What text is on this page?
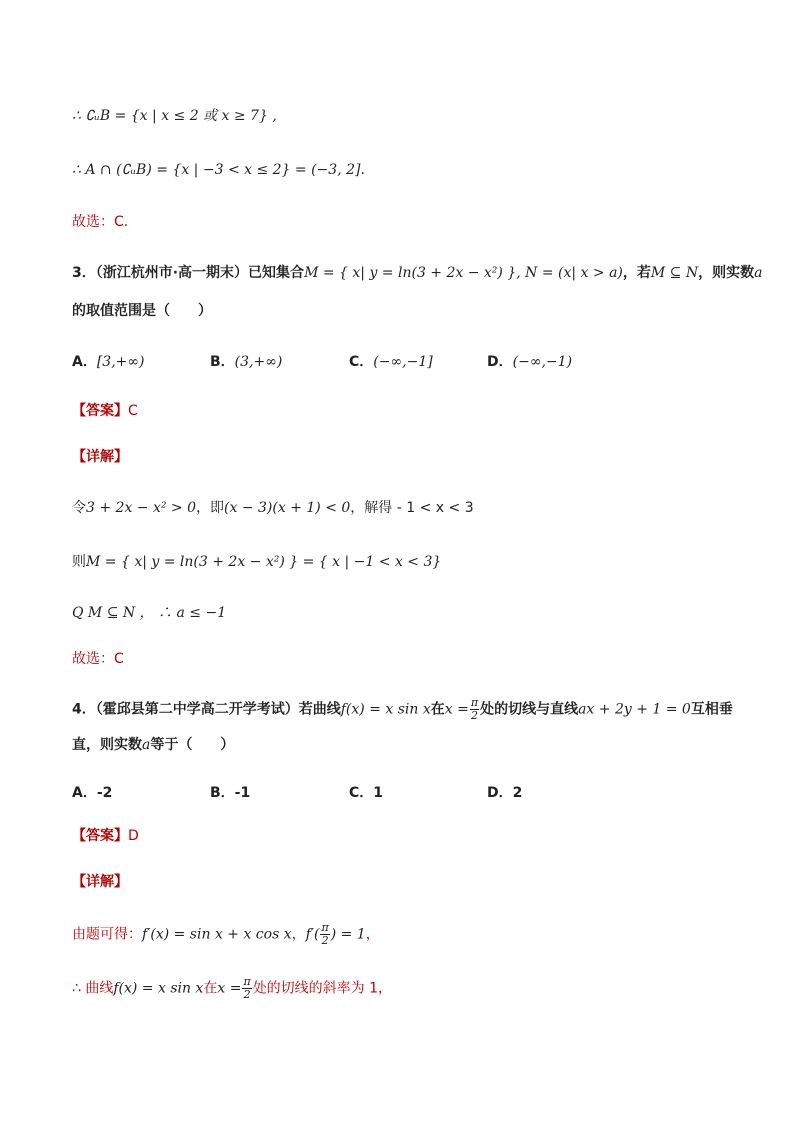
∴ ∁ᵤB = {x | x ≤ 2 或 x ≥ 7} ,
∴ A ∩ (∁ᵤB) = {x | −3 < x ≤ 2} = (−3, 2].
故选：C.
3．（浙江杭州市·高一期末）已知集合M = { x| y = ln(3 + 2x − x²) }, N = (x| x > a)，若M ⊆ N，则实数a
的取值范围是（　　）
A．[3,+∞)	B．(3,+∞)	C．(−∞,−1]	D．(−∞,−1)
【答案】C
【详解】
令3 + 2x − x² > 0，即(x − 3)(x + 1) < 0，解得 - 1 < x < 3
则M = { x| y = ln(3 + 2x − x²) } = { x | −1 < x < 3}
Q M ⊆ N ， ∴ a ≤ −1
故选：C
4．（霍邱县第二中学高二开学考试）若曲线f(x) = x sin x在$x = \frac{\pi}{2}$ 处的切线与直线ax + 2y + 1 = 0互相垂
直，则实数a等于（　　）
A．-2	B．-1	C．1	D．2
【答案】D
【详解】
由题可得：f′(x) = sin x + x cos x，$f'( \frac{\pi}{2}$ ) = 1，
∴ 曲线f(x) = x sin x在$x = \frac{\pi}{2}$ 处的切线的斜率为 1，
